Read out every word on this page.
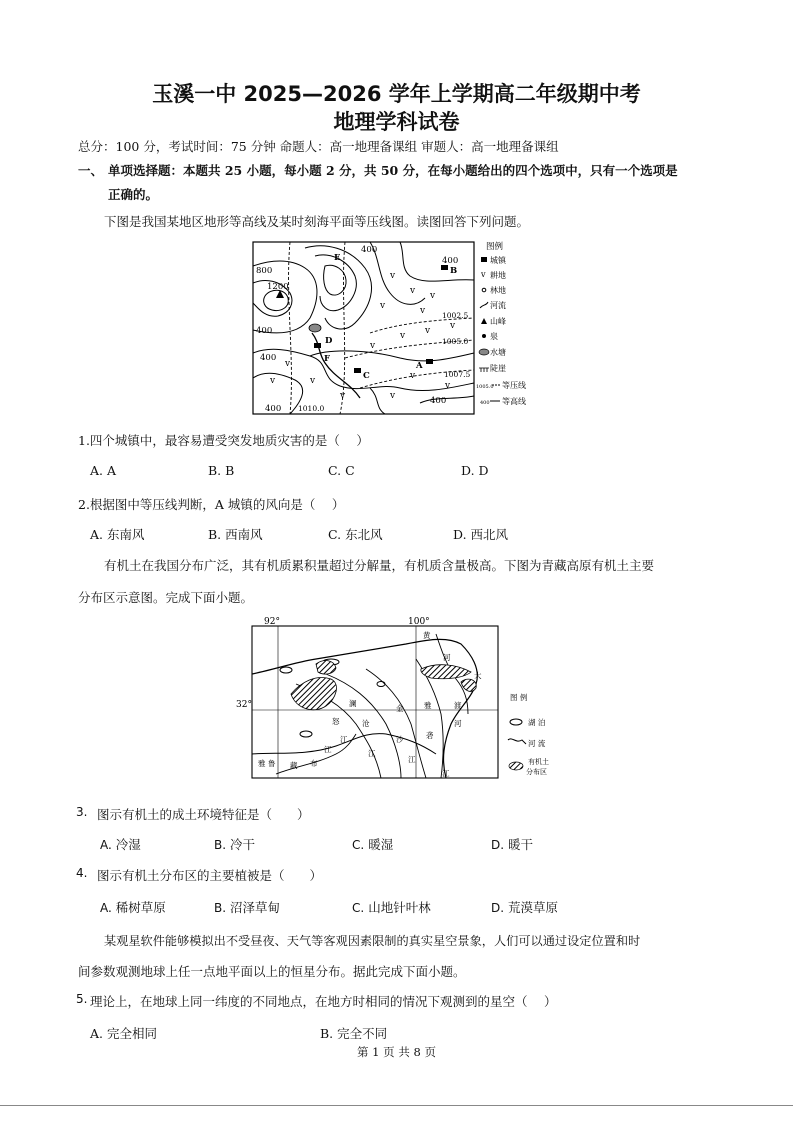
玉溪一中 2025—2026 学年上学期高二年级期中考
地理学科试卷
总分：100 分，考试时间：75 分钟 命题人：高一地理备课组 审题人：高一地理备课组
一、 单项选择题：本题共 25 小题，每小题 2 分，共 50 分，在每小题给出的四个选项中，只有一个选项是
正确的。
下图是我国某地区地形等高线及某时刻海平面等压线图。读图回答下列问题。
v
v v
v	v
v v v
v
v
v
v
v
v	v
v
图例
城镇
v 耕地
林地
河流
山峰
泉
水塘
陡崖
1005.0 等压线
400 等高线
400
400
800
1200
400
400
400
400
1002.5
1005.0
1007.5
1010.0
E
B
D
F
C
A
1.四个城镇中，最容易遭受突发地质灾害的是（　 ）
A. A	B. B	C. C	D. D
2.根据图中等压线判断，A 城镇的风向是（　 ）
A. 东南风	B. 西南风	C. 东北风	D. 西北风
有机土在我国分布广泛，其有机质累积量超过分解量，有机质含量极高。下图为青藏高原有机土主要
分布区示意图。完成下面小题。
92°	100°
32°
黄
河
雅 鲁 藏 布
江
怒
江
澜
沧
江
金
沙
江
雅
砻
江
大
渡
河
图 例
湖 泊
河 流
有机土
分布区
3. 图示有机土的成土环境特征是（　　）
A. 冷湿	B. 冷干	C. 暖湿	D. 暖干
4. 图示有机土分布区的主要植被是（　　）
A. 稀树草原	B. 沼泽草甸	C. 山地针叶林	D. 荒漠草原
某观星软件能够模拟出不受昼夜、天气等客观因素限制的真实星空景象，人们可以通过设定位置和时
间参数观测地球上任一点地平面以上的恒星分布。据此完成下面小题。
5. 理论上，在地球上同一纬度的不同地点，在地方时相同的情况下观测到的星空（　 ）
A. 完全相同	B. 完全不同
第 1 页 共 8 页
